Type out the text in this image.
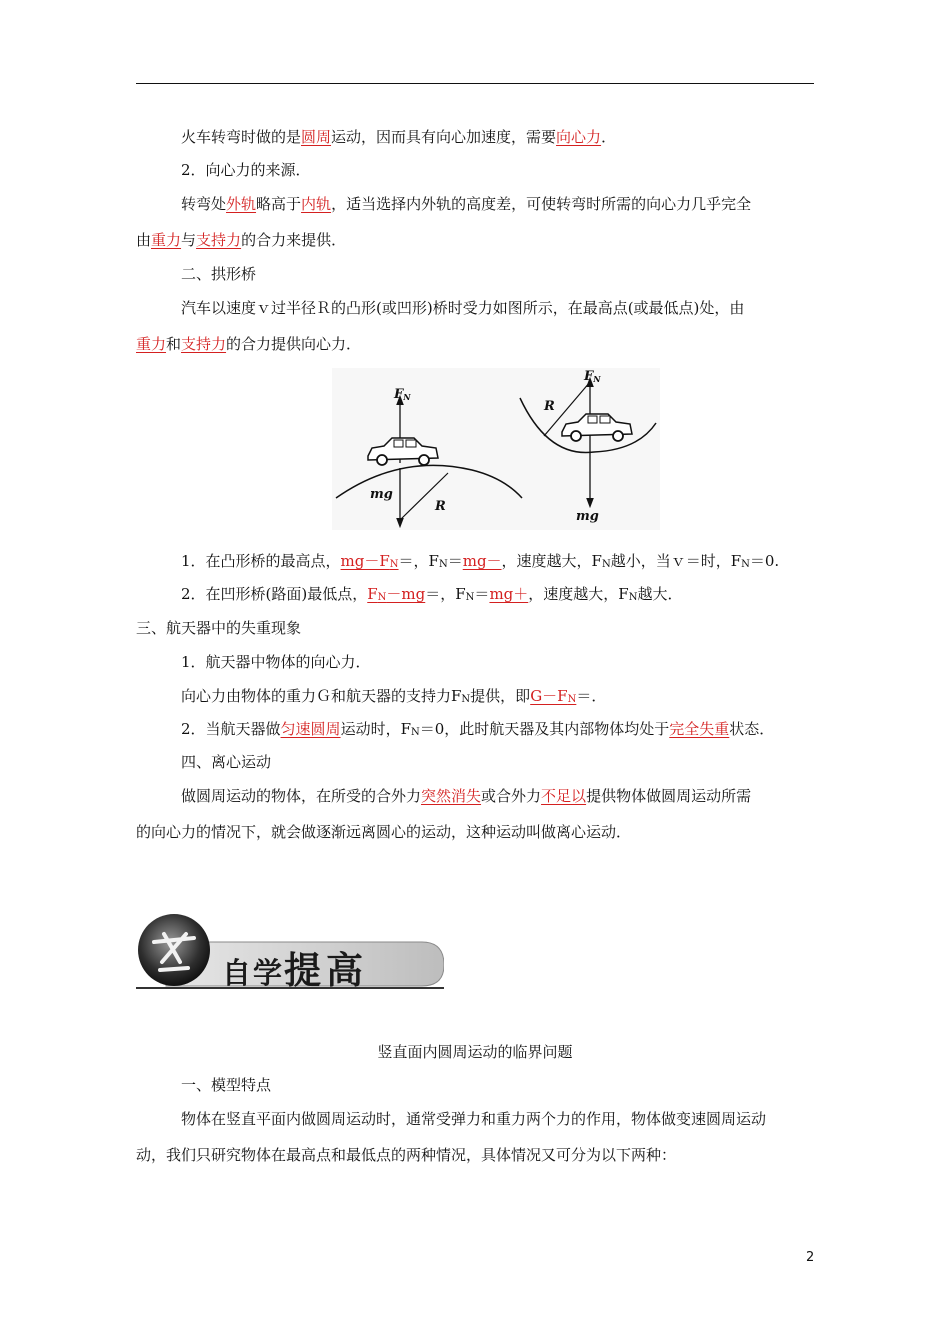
火车转弯时做的是圆周运动，因而具有向心加速度，需要向心力．
2．向心力的来源．
转弯处外轨略高于内轨，适当选择内外轨的高度差，可使转弯时所需的向心力几乎完全
由重力与支持力的合力来提供．
二、拱形桥
汽车以速度ｖ过半径Ｒ的凸形(或凹形)桥时受力如图所示，在最高点(或最低点)处，由
重力和支持力的合力提供向心力．
FN
mg
R
FN
R
mg
1．在凸形桥的最高点，mg－FN＝，FN＝mg－，速度越大，FN越小，当ｖ＝时，FN＝0.
2．在凹形桥(路面)最低点，FN－mg＝，FN＝mg＋，速度越大，FN越大．
三、航天器中的失重现象
1．航天器中物体的向心力．
向心力由物体的重力Ｇ和航天器的支持力FN提供，即G－FN＝．
2．当航天器做匀速圆周运动时，FN＝0，此时航天器及其内部物体均处于完全失重状态．
四、离心运动
做圆周运动的物体，在所受的合外力突然消失或合外力不足以提供物体做圆周运动所需
的向心力的情况下，就会做逐渐远离圆心的运动，这种运动叫做离心运动．
自学提高
竖直面内圆周运动的临界问题
一、模型特点
物体在竖直平面内做圆周运动时，通常受弹力和重力两个力的作用，物体做变速圆周运动
动，我们只研究物体在最高点和最低点的两种情况，具体情况又可分为以下两种：
2
